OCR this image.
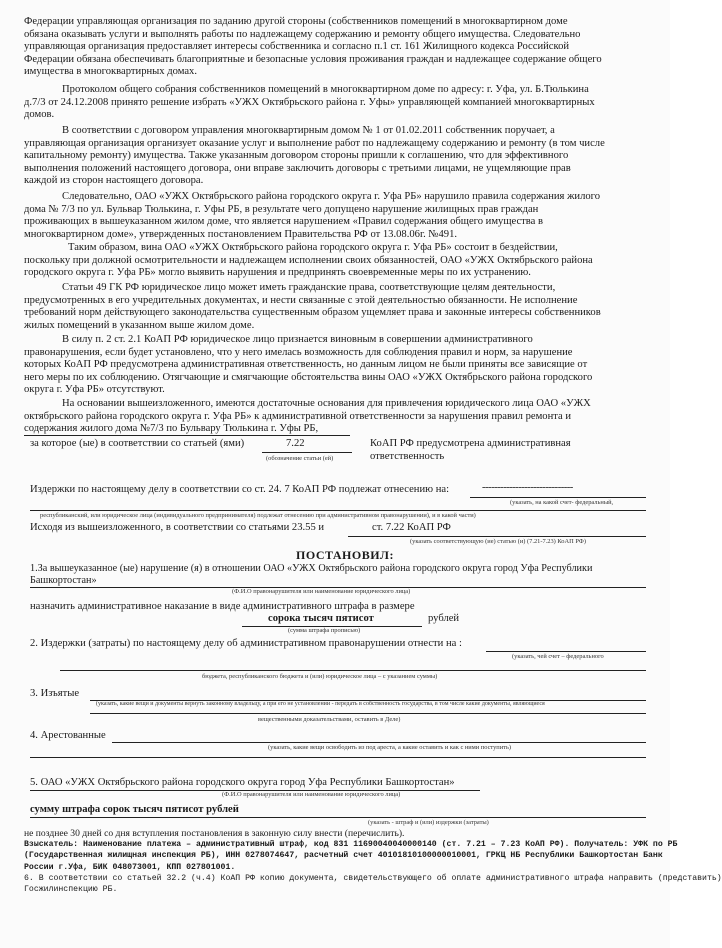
Федерации управляющая организация по заданию другой стороны (собственников помещений в многоквартирном доме
обязана оказывать услуги и выполнять работы по надлежащему содержанию и ремонту общего имущества. Следовательно
управляющая организация предоставляет интересы собственника и согласно п.1 ст. 161 Жилищного кодекса Российской
Федерации обязана обеспечивать благоприятные и безопасные условия проживания граждан и надлежащее содержание общего
имущества в многоквартирных домах.
Протоколом общего собрания собственников помещений в многоквартирном доме по адресу: г. Уфа, ул. Б.Тюлькина
д.7/3 от 24.12.2008 принято решение избрать «УЖХ Октябрьского района г. Уфы» управляющей компанией многоквартирных
домов.
В соответствии с договором управления многоквартирным домом № 1 от 01.02.2011 собственник поручает, а
управляющая организация организует оказание услуг и выполнение работ по надлежащему содержанию и ремонту (в том числе
капитальному ремонту) имущества. Также указанным договором стороны пришли к соглашению, что для эффективного
выполнения положений настоящего договора, они вправе заключить договоры с третьими лицами, не ущемляющие прав
каждой из сторон настоящего договора.
Следовательно, ОАО «УЖХ Октябрьского района городского округа г. Уфа РБ» нарушило правила содержания жилого
дома № 7/3 по ул. Бульвар Тюлькина, г. Уфы РБ, в результате чего допущено нарушение жилищных прав граждан
проживающих в вышеуказанном жилом доме, что является нарушением «Правил содержания общего имущества в
многоквартирном доме», утвержденных постановлением Правительства РФ от 13.08.06г. №491.
Таким образом, вина ОАО «УЖХ Октябрьского района городского округа г. Уфа РБ» состоит в бездействии,
поскольку при должной осмотрительности и надлежащем исполнении своих обязанностей, ОАО «УЖХ Октябрьского района
городского округа г. Уфа РБ» могло выявить нарушения и предпринять своевременные меры по их устранению.
Статьи 49 ГК РФ юридическое лицо может иметь гражданские права, соответствующие целям деятельности,
предусмотренных в его учредительных документах, и нести связанные с этой деятельностью обязанности. Не исполнение
требований норм действующего законодательства существенным образом ущемляет права и законные интересы собственников
жилых помещений в указанном выше жилом доме.
В силу п. 2 ст. 2.1 КоАП РФ юридическое лицо признается виновным в совершении административного
правонарушения, если будет установлено, что у него имелась возможность для соблюдения правил и норм, за нарушение
которых КоАП РФ предусмотрена административная ответственность, но данным лицом не были приняты все зависящие от
него меры по их соблюдению. Отягчающие и смягчающие обстоятельства вины ОАО «УЖХ Октябрьского района городского
округа г. Уфа РБ» отсутствуют.
На основании вышеизложенного, имеются достаточные основания для привлечения юридического лица ОАО «УЖХ
октябрьского района городского округа г. Уфа РБ» к административной ответственности за нарушения правил ремонта и
содержания жилого дома №7/3 по Бульвару Тюлькина г. Уфы РБ,
за которое (ые) в соответствии со статьей (ями)	7.22
(обозначение статьи (ей)
КоАП РФ предусмотрена административная
ответственность
Издержки по настоящему делу в соответствии со ст. 24. 7 КоАП РФ подлежат отнесению на:	------------------------------
(указать, на какой счет- федеральный,
республиканский, или юридическое лица (индивидуального предпринимателя) подлежат отнесению при административном правонарушении), и в какой части)
Исходя из вышеизложенного, в соответствии со статьями 23.55 и	ст. 7.22 КоАП РФ
(указать соответствующую (ие) статью (и) (7.21-7.23) КоАП РФ)
ПОСТАНОВИЛ:
1.За вышеуказанное (ые) нарушение (я) в отношении ОАО «УЖХ Октябрьского района городского округа город Уфа Республики
Башкортостан»
(Ф.И.О правонарушителя или наименование юридического лица)
назначить административное наказание в виде административного штрафа в размере
сорока тысяч пятисот	рублей
(сумма штрафа прописью)
2. Издержки (затраты) по настоящему делу об административном правонарушении отнести на :
(указать, чей счет – федерального
бюджета, республиканского бюджета и (или) юридическое лица – с указанием суммы)
3. Изъятые
(указать, какие вещи и документы вернуть законному владельцу, а при его не установлении - передать в собственность государства, в том числе какие документы, являющиеся
вещественными доказательствами, оставить в Деле)
4. Арестованные
(указать, какие вещи освободить из под ареста, а какие оставить и как с ними поступить)
5. ОАО «УЖХ Октябрьского района городского округа город Уфа Республики Башкортостан»
(Ф.И.О правонарушителя или наименование юридического лица)
сумму штрафа сорок тысяч пятисот рублей
(указать - штраф и (или) издержки (затраты)
не позднее 30 дней со дня вступления постановления в законную силу внести (перечислить).
Взыскатель: Наименование платежа – административный штраф, код 831 11690040040000140 (ст. 7.21 – 7.23 КоАП РФ). Получатель: УФК по РБ
(Государственная жилищная инспекция РБ), ИНН 0278074647, расчетный счет 40101810100000010001, ГРКЦ НБ Республики Башкортостан Банк
России г.Уфа, БИК 048073001, КПП 027801001.
6. В соответствии со статьей 32.2 (ч.4) КоАП РФ копию документа, свидетельствующего об оплате административного штрафа направить (представить)
Госжилинспекцию РБ.
